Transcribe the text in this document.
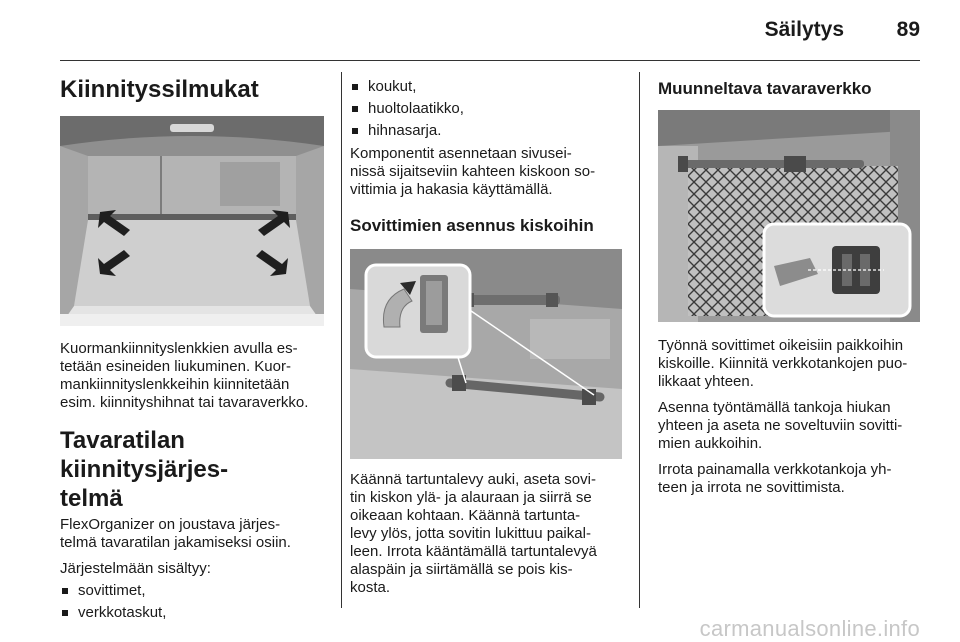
Säilytys	89
Kiinnityssilmukat

Kuormankiinnityslenkkien avulla es-

tetään esineiden liukuminen. Kuor-

mankiinnityslenkkeihin kiinnitetään

esim. kiinnityshihnat tai tavaraverkko.

Tavaratilan kiinnitysjärjes-
telmä

FlexOrganizer on joustava järjes-

telmä tavaratilan jakamiseksi osiin.

Järjestelmään sisältyy:

sovittimet,
verkkotaskut,
koukut,
huoltolaatikko,
hihnasarja.

Komponentit asennetaan sivusei-

nissä sijaitseviin kahteen kiskoon so-

vittimia ja hakasia käyttämällä.

Sovittimien asennus kiskoihin

Käännä tartuntalevy auki, aseta sovi-

tin kiskon ylä- ja alauraan ja siirrä se

oikeaan kohtaan. Käännä tartunta-

levy ylös, jotta sovitin lukittuu paikal-

leen. Irrota kääntämällä tartuntalevyä

alaspäin ja siirtämällä se pois kis-

kosta.

Muunneltava tavaraverkko

Työnnä sovittimet oikeisiin paikkoihin

kiskoille. Kiinnitä verkkotankojen puo-

likkaat yhteen.

Asenna työntämällä tankoja hiukan

yhteen ja aseta ne soveltuviin sovitti-

mien aukkoihin.

Irrota painamalla verkkotankoja yh-

teen ja irrota ne sovittimista.

carmanualsonline.info
